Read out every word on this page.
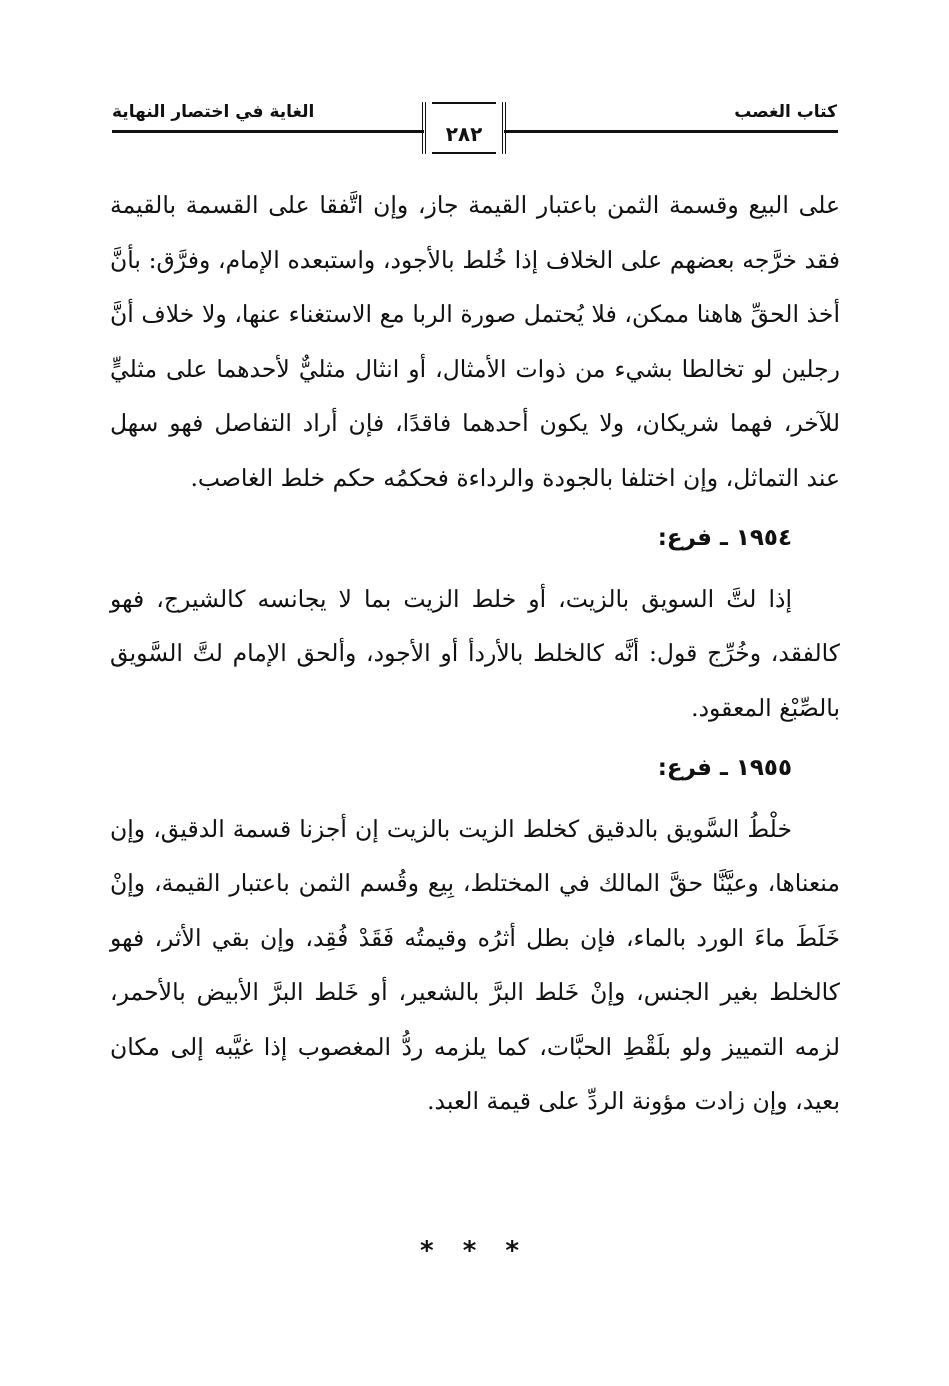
الغاية في اختصار النهاية
٢٨٢
كتاب الغصب

على البيع وقسمة الثمن باعتبار القيمة جاز، وإن اتَّفقا على القسمة بالقيمة فقد خرَّجه بعضهم على الخلاف إذا خُلط بالأجود، واستبعده الإمام، وفرَّق: بأنَّ أخذ الحقِّ هاهنا ممكن، فلا يُحتمل صورة الربا مع الاستغناء عنها، ولا خلاف أنَّ رجلين لو تخالطا بشيء من ذوات الأمثال، أو انثال مثليٌّ لأحدهما على مثليٍّ للآخر، فهما شريكان، ولا يكون أحدهما فاقدًا، فإن أراد التفاصل فهو سهل عند التماثل، وإن اختلفا بالجودة والرداءة فحكمُه حكم خلط الغاصب.

١٩٥٤ ـ فرع:

إذا لتَّ السويق بالزيت، أو خلط الزيت بما لا يجانسه كالشيرج، فهو كالفقد، وخُرِّج قول: أنَّه كالخلط بالأردأ أو الأجود، وألحق الإمام لتَّ السَّويق بالصِّبْغ المعقود.

١٩٥٥ ـ فرع:

خلْطُ السَّويق بالدقيق كخلط الزيت بالزيت إن أجزنا قسمة الدقيق، وإن منعناها، وعيَّنَّا حقَّ المالك في المختلط، بِيع وقُسم الثمن باعتبار القيمة، وإنْ خَلَطَ ماءَ الورد بالماء، فإن بطل أثرُه وقيمتُه فَقَدْ فُقِد، وإن بقي الأثر، فهو كالخلط بغير الجنس، وإنْ خَلط البرَّ بالشعير، أو خَلط البرَّ الأبيض بالأحمر، لزمه التمييز ولو بلَقْطِ الحبَّات، كما يلزمه ردُّ المغصوب إذا غيَّبه إلى مكان بعيد، وإن زادت مؤونة الردِّ على قيمة العبد.

* * *
